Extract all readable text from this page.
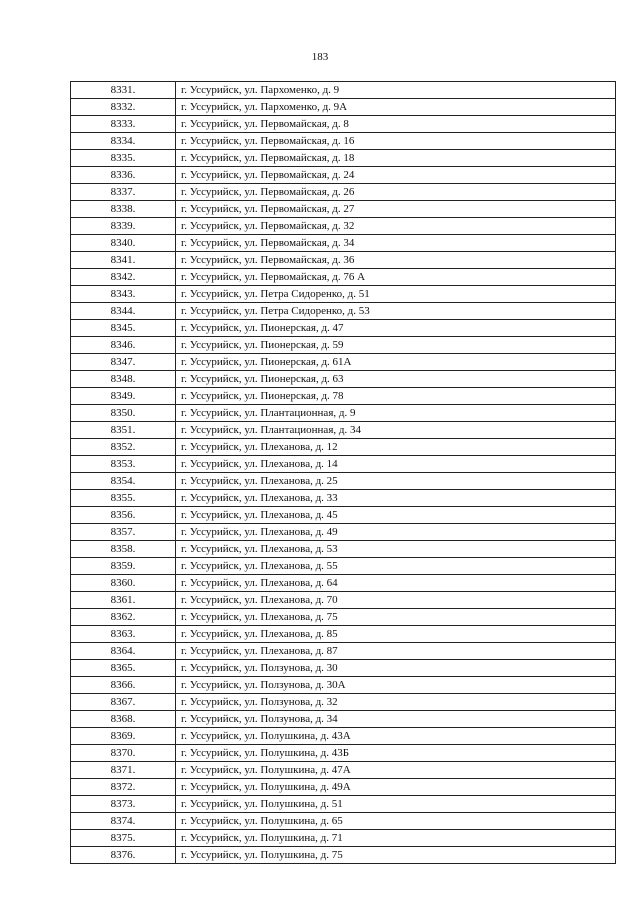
183
8331.	г. Уссурийск, ул. Пархоменко, д. 9
8332.	г. Уссурийск, ул. Пархоменко, д. 9А
8333.	г. Уссурийск, ул. Первомайская, д. 8
8334.	г. Уссурийск, ул. Первомайская, д. 16
8335.	г. Уссурийск, ул. Первомайская, д. 18
8336.	г. Уссурийск, ул. Первомайская, д. 24
8337.	г. Уссурийск, ул. Первомайская, д. 26
8338.	г. Уссурийск, ул. Первомайская, д. 27
8339.	г. Уссурийск, ул. Первомайская, д. 32
8340.	г. Уссурийск, ул. Первомайская, д. 34
8341.	г. Уссурийск, ул. Первомайская, д. 36
8342.	г. Уссурийск, ул. Первомайская, д. 76 А
8343.	г. Уссурийск, ул. Петра Сидоренко, д. 51
8344.	г. Уссурийск, ул. Петра Сидоренко, д. 53
8345.	г. Уссурийск, ул. Пионерская, д. 47
8346.	г. Уссурийск, ул. Пионерская, д. 59
8347.	г. Уссурийск, ул. Пионерская, д. 61А
8348.	г. Уссурийск, ул. Пионерская, д. 63
8349.	г. Уссурийск, ул. Пионерская, д. 78
8350.	г. Уссурийск, ул. Плантационная, д. 9
8351.	г. Уссурийск, ул. Плантационная, д. 34
8352.	г. Уссурийск, ул. Плеханова, д. 12
8353.	г. Уссурийск, ул. Плеханова, д. 14
8354.	г. Уссурийск, ул. Плеханова, д. 25
8355.	г. Уссурийск, ул. Плеханова, д. 33
8356.	г. Уссурийск, ул. Плеханова, д. 45
8357.	г. Уссурийск, ул. Плеханова, д. 49
8358.	г. Уссурийск, ул. Плеханова, д. 53
8359.	г. Уссурийск, ул. Плеханова, д. 55
8360.	г. Уссурийск, ул. Плеханова, д. 64
8361.	г. Уссурийск, ул. Плеханова, д. 70
8362.	г. Уссурийск, ул. Плеханова, д. 75
8363.	г. Уссурийск, ул. Плеханова, д. 85
8364.	г. Уссурийск, ул. Плеханова, д. 87
8365.	г. Уссурийск, ул. Ползунова, д. 30
8366.	г. Уссурийск, ул. Ползунова, д. 30А
8367.	г. Уссурийск, ул. Ползунова, д. 32
8368.	г. Уссурийск, ул. Ползунова, д. 34
8369.	г. Уссурийск, ул. Полушкина, д. 43А
8370.	г. Уссурийск, ул. Полушкина, д. 43Б
8371.	г. Уссурийск, ул. Полушкина, д. 47А
8372.	г. Уссурийск, ул. Полушкина, д. 49А
8373.	г. Уссурийск, ул. Полушкина, д. 51
8374.	г. Уссурийск, ул. Полушкина, д. 65
8375.	г. Уссурийск, ул. Полушкина, д. 71
8376.	г. Уссурийск, ул. Полушкина, д. 75
